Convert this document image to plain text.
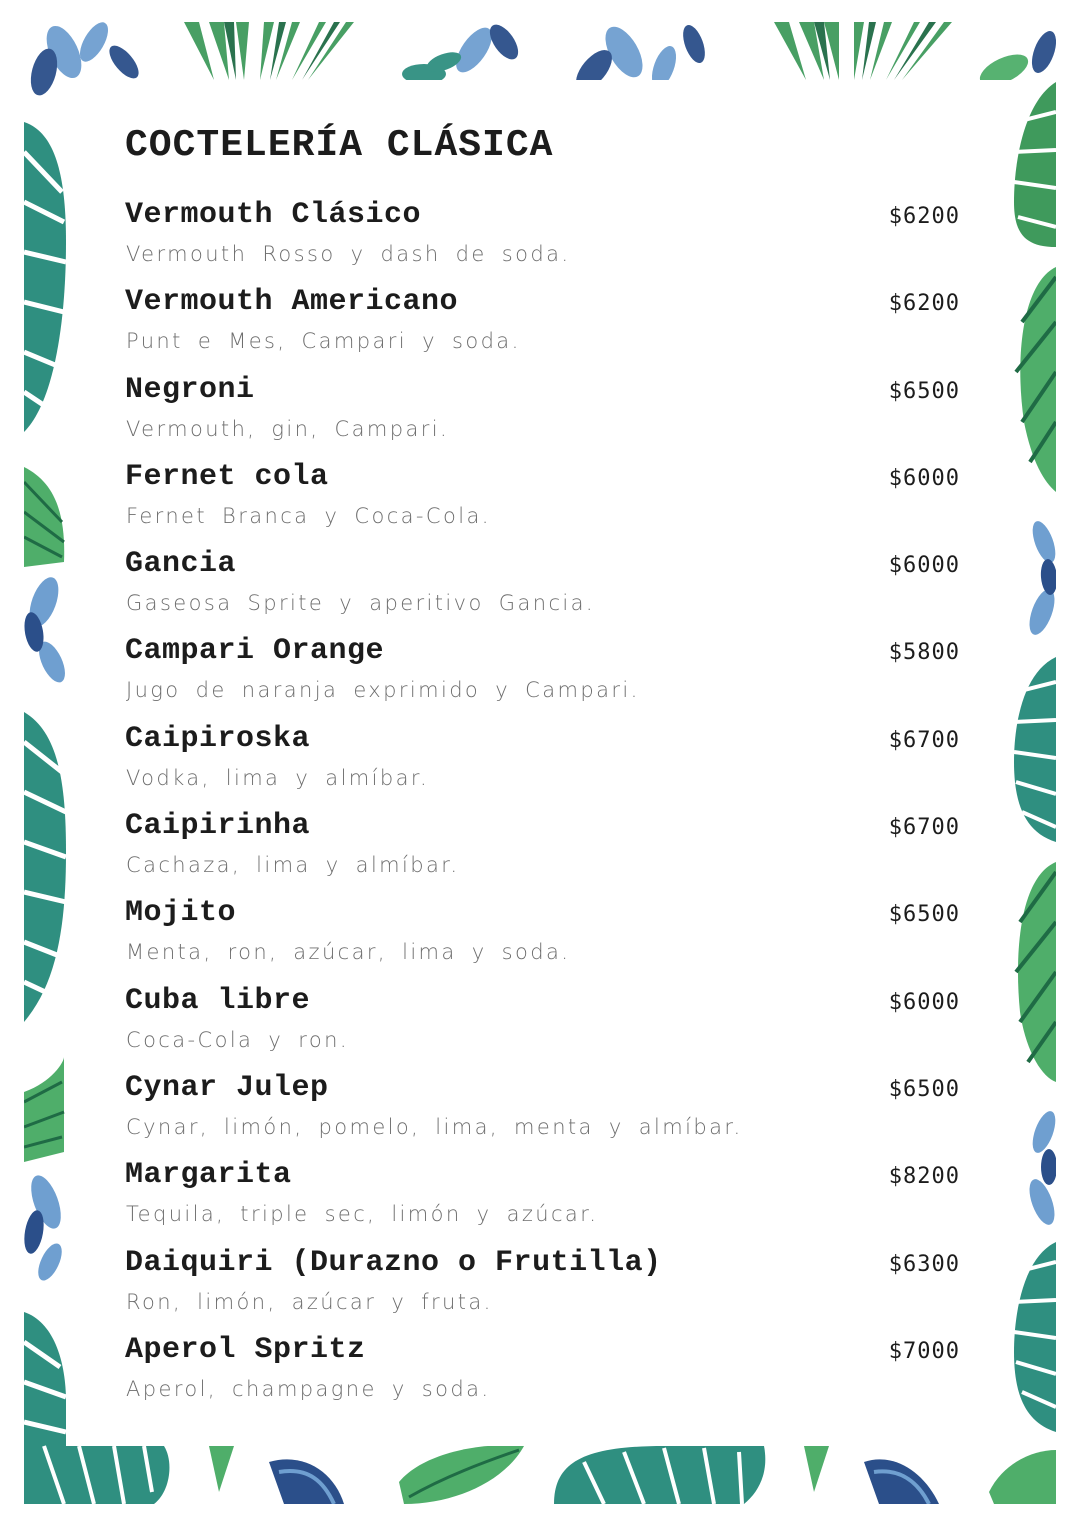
COCTELERÍA CLÁSICA
Vermouth Clásico	$6200
Vermouth Rosso y dash de soda.
Vermouth Americano	$6200
Punt e Mes, Campari y soda.
Negroni	$6500
Vermouth, gin, Campari.
Fernet cola	$6000
Fernet Branca y Coca-Cola.
Gancia	$6000
Gaseosa Sprite y aperitivo Gancia.
Campari Orange	$5800
Jugo de naranja exprimido y Campari.
Caipiroska	$6700
Vodka, lima y almíbar.
Caipirinha	$6700
Cachaza, lima y almíbar.
Mojito	$6500
Menta, ron, azúcar, lima y soda.
Cuba libre	$6000
Coca-Cola y ron.
Cynar Julep	$6500
Cynar, limón, pomelo, lima, menta y almíbar.
Margarita	$8200
Tequila, triple sec, limón y azúcar.
Daiquiri (Durazno o Frutilla)	$6300
Ron, limón, azúcar y fruta.
Aperol Spritz	$7000
Aperol, champagne y soda.
